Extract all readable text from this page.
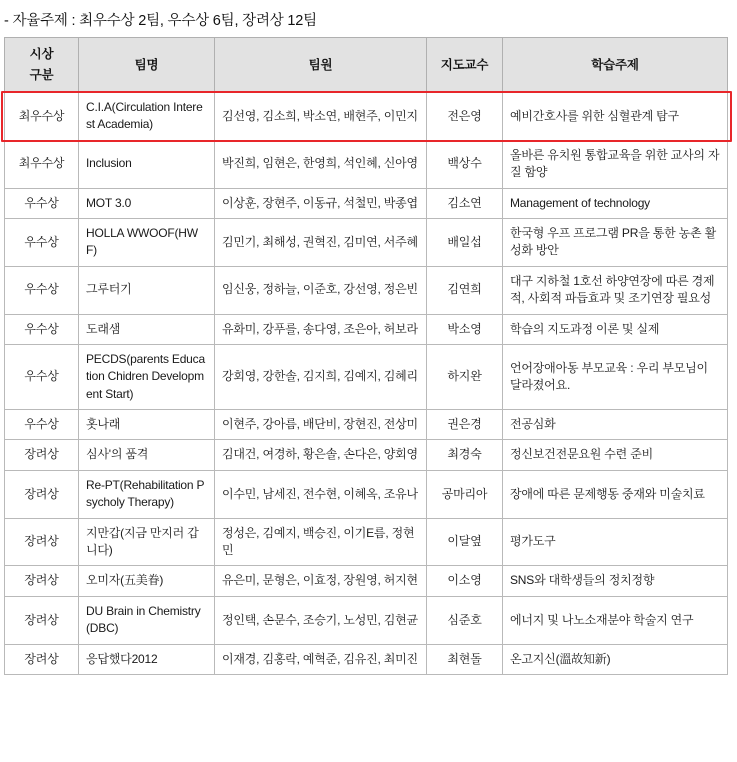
- 자율주제 : 최우수상 2팀, 우수상 6팀, 장려상 12팀
시상
구분	팀명	팀원	지도교수	학습주제
최우수상	C.I.A(Circulation Interest Academia)	김선영, 김소희, 박소연, 배현주, 이민지	전은영	예비간호사를 위한 심혈관계 탐구
최우수상	Inclusion	박진희, 임현은, 한영희, 석인혜, 신아영	백상수	올바른 유치원 통합교육을 위한 교사의 자질 함양
우수상	MOT 3.0	이상훈, 장현주, 이동규, 석철민, 박종엽	김소연	Management of technology
우수상	HOLLA WWOOF(HWF)	김민기, 최해성, 권혁진, 김미연, 서주혜	배일섭	한국형 우프 프로그램 PR을 통한 농촌 활성화 방안
우수상	그루터기	임신웅, 정하늘, 이준호, 강선영, 정은빈	김연희	대구 지하철 1호선 하양연장에 따른 경제적, 사회적 파듭효과 및 조기연장 필요성
우수상	도래샘	유화미, 강푸를, 송다영, 조은아, 허보라	박소영	학습의 지도과정 이론 및 실제
우수상	PECDS(parents Education Chidren Development Start)	강회영, 강한솔, 김지희, 김예지, 김혜리	하지완	언어장애아동 부모교육 : 우리 부모님이 달라졌어요.
우수상	홋나래	이현주, 강아름, 배단비, 장현진, 전상미	권은경	전공심화
장려상	심사'의 품격	김대건, 여경하, 황은솔, 손다은, 양회영	최경숙	정신보건전문요원 수련 준비
장려상	Re-PT(Rehabilitation Psycholy Therapy)	이수민, 남세진, 전수현, 이혜옥, 조유나	공마리아	장애에 따른 문제행동 중재와 미술치료
장려상	지만갑(지금 만지러 갑니다)	정성은, 김예지, 백승진, 이기Е름, 정현민	이달옆	평가도구
장려상	오미자(五美眷)	유은미, 문형은, 이효정, 장원영, 허지현	이소영	SNS와 대학생들의 정치정향
장려상	DU Brain in Chemistry (DBC)	정인택, 손문수, 조승기, 노성민, 김현균	심준호	에너지 및 나노소재분야 학술지 연구
장려상	응답했다2012	이재경, 김홍락, 예혁준, 김유진, 최미진	최현돌	온고지신(溫故知新)
